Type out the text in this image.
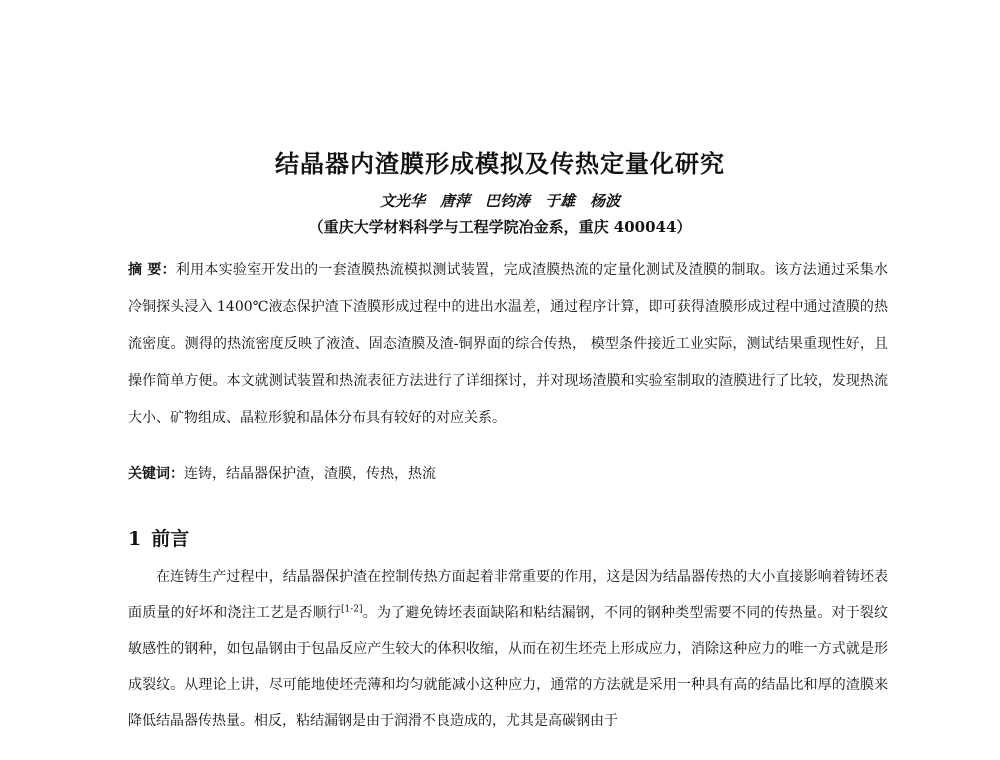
结晶器内渣膜形成模拟及传热定量化研究
文光华　唐萍　巴钧涛　于雄　杨波
（重庆大学材料科学与工程学院冶金系，重庆 400044）
摘 要：利用本实验室开发出的一套渣膜热流模拟测试装置，完成渣膜热流的定量化测试及渣膜的制取。该方法通过采集水冷铜探头浸入 1400℃液态保护渣下渣膜形成过程中的进出水温差，通过程序计算，即可获得渣膜形成过程中通过渣膜的热流密度。测得的热流密度反映了液渣、固态渣膜及渣-铜界面的综合传热， 模型条件接近工业实际，测试结果重现性好，且操作简单方便。本文就测试装置和热流表征方法进行了详细探讨，并对现场渣膜和实验室制取的渣膜进行了比较，发现热流大小、矿物组成、晶粒形貌和晶体分布具有较好的对应关系。
关键词：连铸，结晶器保护渣，渣膜，传热，热流
1 前言
在连铸生产过程中，结晶器保护渣在控制传热方面起着非常重要的作用，这是因为结晶器传热的大小直接影响着铸坯表面质量的好坏和浇注工艺是否顺行[1-2]。为了避免铸坯表面缺陷和粘结漏钢，不同的钢种类型需要不同的传热量。对于裂纹敏感性的钢种，如包晶钢由于包晶反应产生较大的体积收缩，从而在初生坯壳上形成应力，消除这种应力的唯一方式就是形成裂纹。从理论上讲，尽可能地使坯壳薄和均匀就能减小这种应力，通常的方法就是采用一种具有高的结晶比和厚的渣膜来降低结晶器传热量。相反，粘结漏钢是由于润滑不良造成的，尤其是高碳钢由于
